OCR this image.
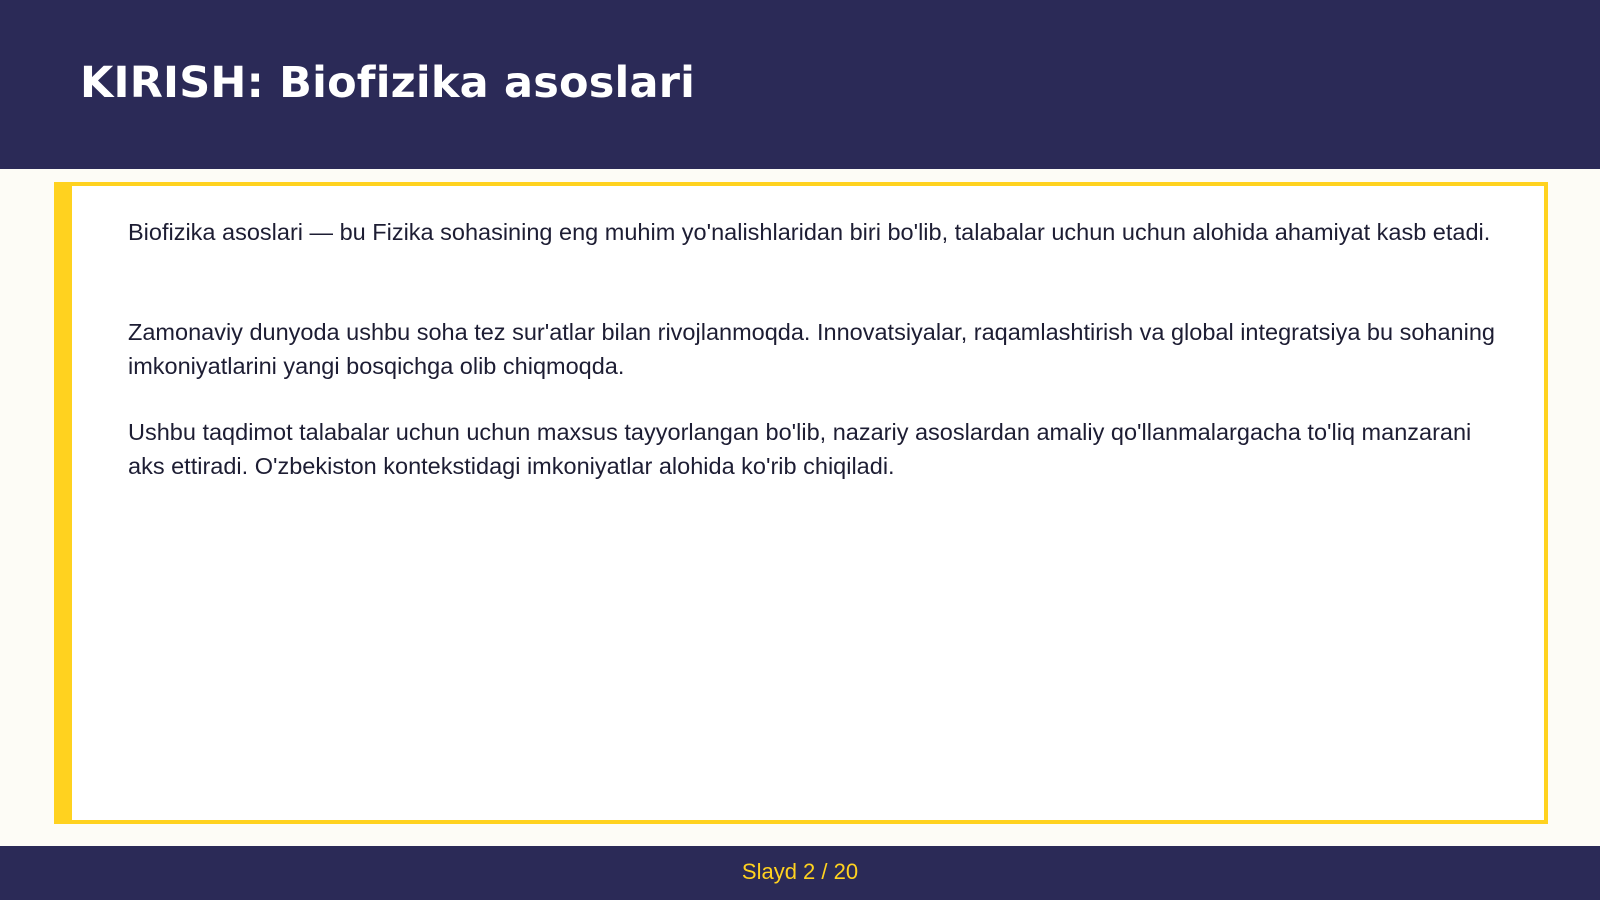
KIRISH: Biofizika asoslari

Biofizika asoslari — bu Fizika sohasining eng muhim yo'nalishlaridan biri bo'lib, talabalar uchun uchun alohida ahamiyat kasb etadi.

Zamonaviy dunyoda ushbu soha tez sur'atlar bilan rivojlanmoqda. Innovatsiyalar, raqamlashtirish va global integratsiya bu sohaning imkoniyatlarini yangi bosqichga olib chiqmoqda.

Ushbu taqdimot talabalar uchun uchun maxsus tayyorlangan bo'lib, nazariy asoslardan amaliy qo'llanmalargacha to'liq manzarani aks ettiradi. O'zbekiston kontekstidagi imkoniyatlar alohida ko'rib chiqiladi.

Slayd 2 / 20
